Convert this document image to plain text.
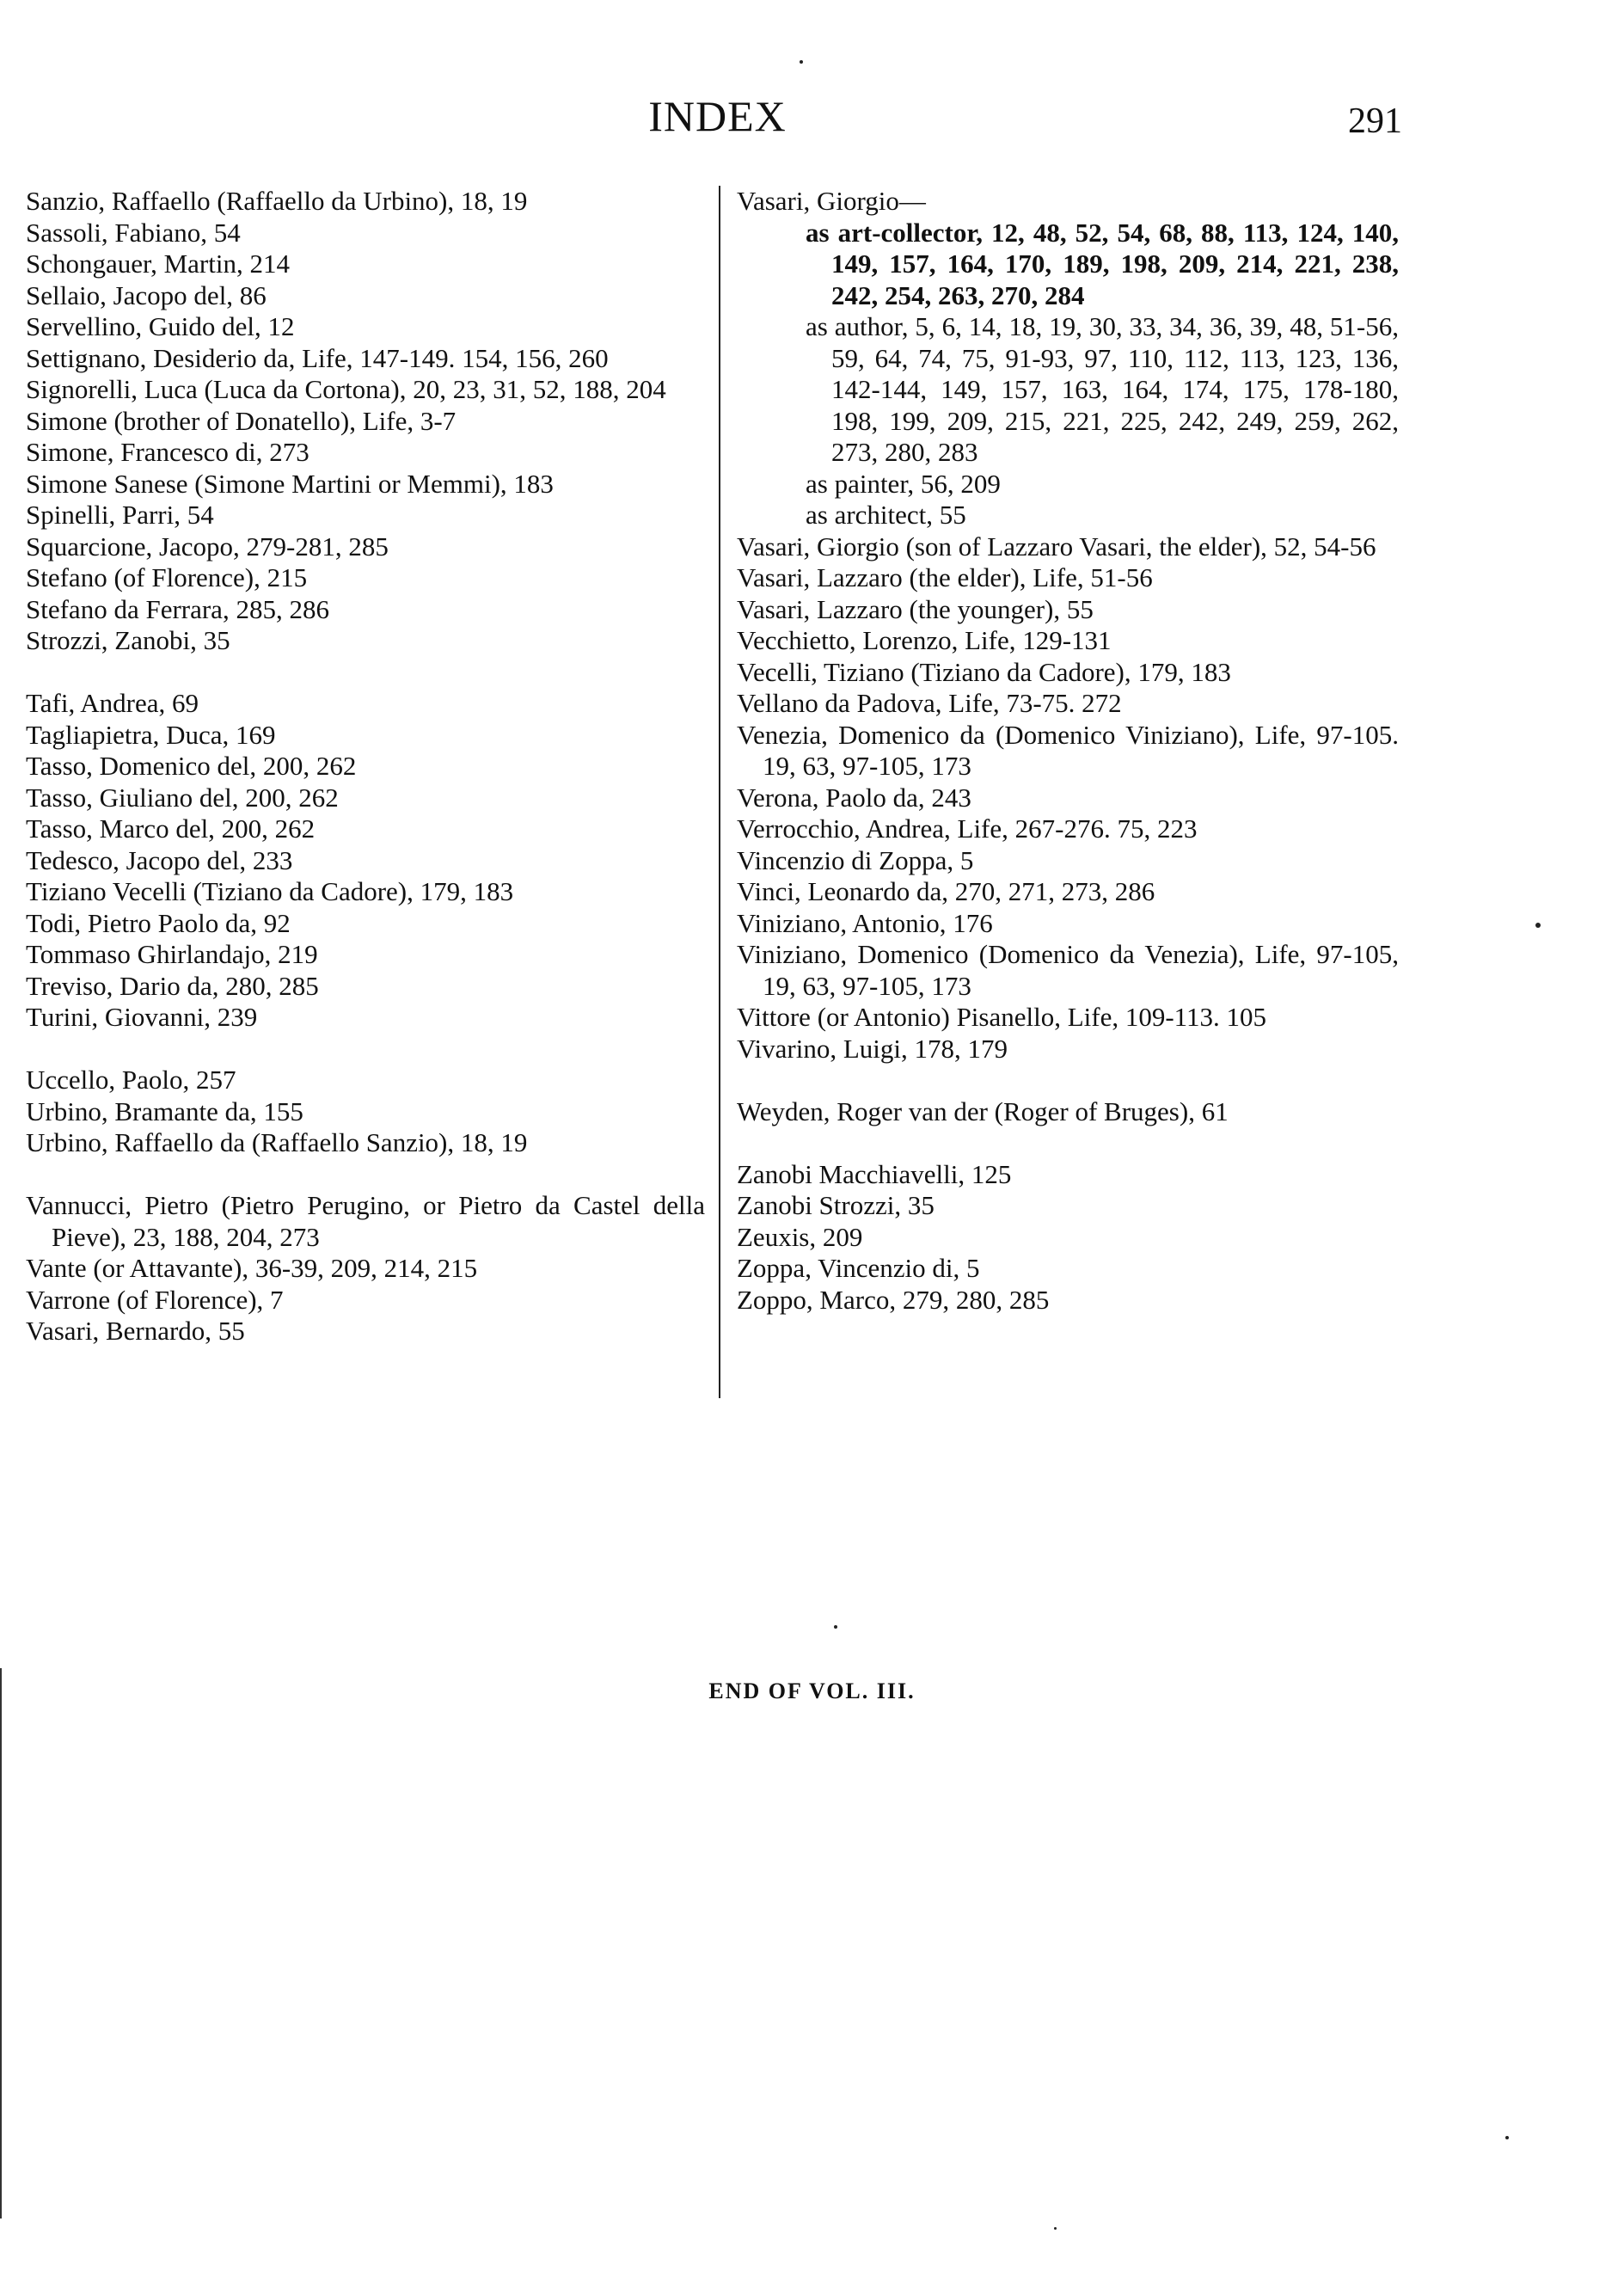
INDEX	291

Sanzio, Raffaello (Raffaello da Urbino), 18, 19

Sassoli, Fabiano, 54

Schongauer, Martin, 214

Sellaio, Jacopo del, 86

Servellino, Guido del, 12

Settignano, Desiderio da, Life, 147-149. 154, 156, 260

Signorelli, Luca (Luca da Cortona), 20, 23, 31, 52, 188, 204

Simone (brother of Donatello), Life, 3-7

Simone, Francesco di, 273

Simone Sanese (Simone Martini or Memmi), 183

Spinelli, Parri, 54

Squarcione, Jacopo, 279-281, 285

Stefano (of Florence), 215

Stefano da Ferrara, 285, 286

Strozzi, Zanobi, 35

Tafi, Andrea, 69

Tagliapietra, Duca, 169

Tasso, Domenico del, 200, 262

Tasso, Giuliano del, 200, 262

Tasso, Marco del, 200, 262

Tedesco, Jacopo del, 233

Tiziano Vecelli (Tiziano da Cadore), 179, 183

Todi, Pietro Paolo da, 92

Tommaso Ghirlandajo, 219

Treviso, Dario da, 280, 285

Turini, Giovanni, 239

Uccello, Paolo, 257

Urbino, Bramante da, 155

Urbino, Raffaello da (Raffaello Sanzio), 18, 19

Vannucci, Pietro (Pietro Perugino, or Pietro da Castel della Pieve), 23, 188, 204, 273

Vante (or Attavante), 36-39, 209, 214, 215

Varrone (of Florence), 7

Vasari, Bernardo, 55

Vasari, Giorgio—

as art-collector, 12, 48, 52, 54, 68, 88, 113, 124, 140, 149, 157, 164, 170, 189, 198, 209, 214, 221, 238, 242, 254, 263, 270, 284

as author, 5, 6, 14, 18, 19, 30, 33, 34, 36, 39, 48, 51-56, 59, 64, 74, 75, 91-93, 97, 110, 112, 113, 123, 136, 142-144, 149, 157, 163, 164, 174, 175, 178-180, 198, 199, 209, 215, 221, 225, 242, 249, 259, 262, 273, 280, 283

as painter, 56, 209

as architect, 55

Vasari, Giorgio (son of Lazzaro Vasari, the elder), 52, 54-56

Vasari, Lazzaro (the elder), Life, 51-56

Vasari, Lazzaro (the younger), 55

Vecchietto, Lorenzo, Life, 129-131

Vecelli, Tiziano (Tiziano da Cadore), 179, 183

Vellano da Padova, Life, 73-75. 272

Venezia, Domenico da (Domenico Viniziano), Life, 97-105. 19, 63, 97-105, 173

Verona, Paolo da, 243

Verrocchio, Andrea, Life, 267-276. 75, 223

Vincenzio di Zoppa, 5

Vinci, Leonardo da, 270, 271, 273, 286

Viniziano, Antonio, 176

Viniziano, Domenico (Domenico da Venezia), Life, 97-105, 19, 63, 97-105, 173

Vittore (or Antonio) Pisanello, Life, 109-113. 105

Vivarino, Luigi, 178, 179

Weyden, Roger van der (Roger of Bruges), 61

Zanobi Macchiavelli, 125

Zanobi Strozzi, 35

Zeuxis, 209

Zoppa, Vincenzio di, 5

Zoppo, Marco, 279, 280, 285

END OF VOL. III.
